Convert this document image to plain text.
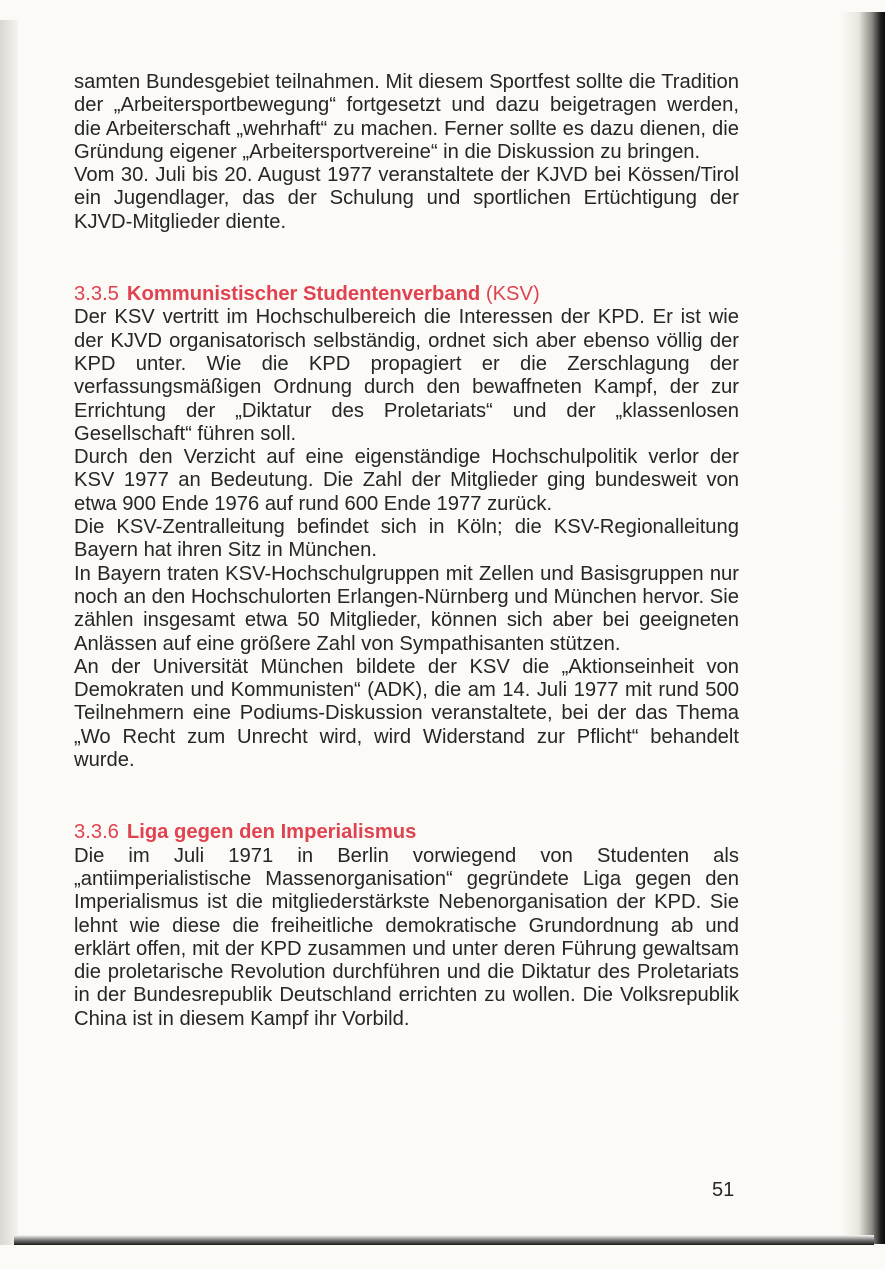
samten Bundesgebiet teilnahmen. Mit diesem Sportfest sollte die Tradition der „Arbeitersportbewegung“ fortgesetzt und dazu beigetragen werden, die Arbeiterschaft „wehrhaft“ zu machen. Ferner sollte es dazu dienen, die Gründung eigener „Arbeitersportvereine“ in die Diskussion zu bringen.

Vom 30. Juli bis 20. August 1977 veranstaltete der KJVD bei Kössen/Tirol ein Jugendlager, das der Schulung und sportlichen Ertüchtigung der KJVD-Mitglieder diente.

3.3.5 Kommunistischer Studentenverband (KSV)

Der KSV vertritt im Hochschulbereich die Interessen der KPD. Er ist wie der KJVD organisatorisch selbständig, ordnet sich aber ebenso völlig der KPD unter. Wie die KPD propagiert er die Zerschlagung der verfassungsmäßigen Ordnung durch den bewaffneten Kampf, der zur Errichtung der „Diktatur des Proletariats“ und der „klassenlosen Gesellschaft“ führen soll.

Durch den Verzicht auf eine eigenständige Hochschulpolitik verlor der KSV 1977 an Bedeutung. Die Zahl der Mitglieder ging bundesweit von etwa 900 Ende 1976 auf rund 600 Ende 1977 zurück.

Die KSV-Zentralleitung befindet sich in Köln; die KSV-Regionalleitung Bayern hat ihren Sitz in München.

In Bayern traten KSV-Hochschulgruppen mit Zellen und Basisgruppen nur noch an den Hochschulorten Erlangen-Nürnberg und München hervor. Sie zählen insgesamt etwa 50 Mitglieder, können sich aber bei geeigneten Anlässen auf eine größere Zahl von Sympathisanten stützen.

An der Universität München bildete der KSV die „Aktionseinheit von Demokraten und Kommunisten“ (ADK), die am 14. Juli 1977 mit rund 500 Teilnehmern eine Podiums-Diskussion veranstaltete, bei der das Thema „Wo Recht zum Unrecht wird, wird Widerstand zur Pflicht“ behandelt wurde.

3.3.6 Liga gegen den Imperialismus

Die im Juli 1971 in Berlin vorwiegend von Studenten als „antiimperialistische Massenorganisation“ gegründete Liga gegen den Imperialismus ist die mitgliederstärkste Nebenorganisation der KPD. Sie lehnt wie diese die freiheitliche demokratische Grundordnung ab und erklärt offen, mit der KPD zusammen und unter deren Führung gewaltsam die proletarische Revolution durchführen und die Diktatur des Proletariats in der Bundesrepublik Deutschland errichten zu wollen. Die Volksrepublik China ist in diesem Kampf ihr Vorbild.

51
